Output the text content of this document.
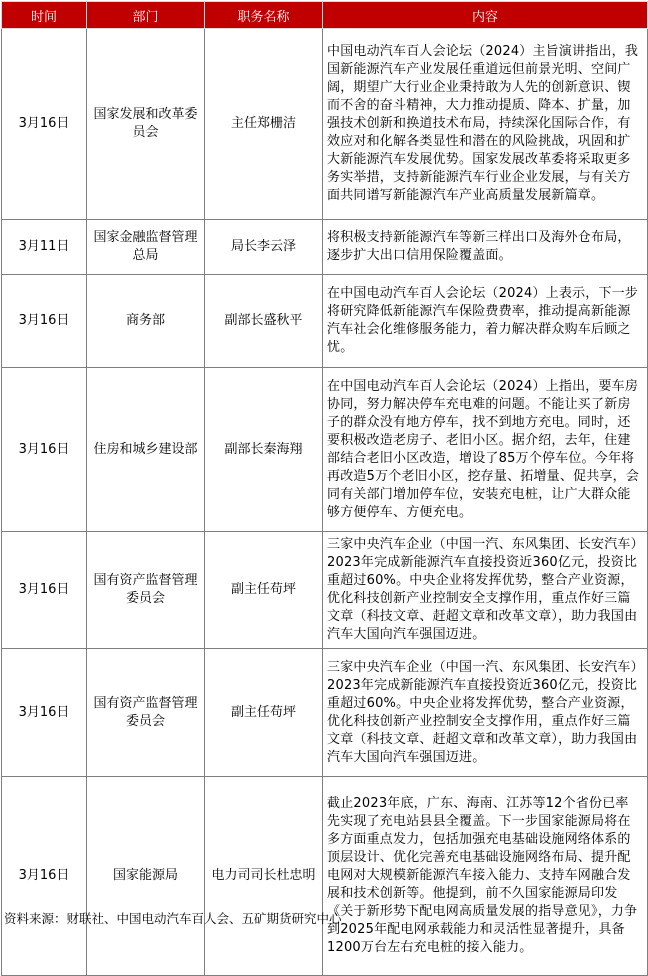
时间	部门	职务名称	内容
3月16日	国家发展和改革委员会	主任郑栅洁	中国电动汽车百人会论坛（2024）主旨演讲指出，我国新能源汽车产业发展任重道远但前景光明、空间广阔，期望广大行业企业秉持敢为人先的创新意识、锲而不舍的奋斗精神，大力推动提质、降本、扩量，加强技术创新和换道技术布局，持续深化国际合作，有效应对和化解各类显性和潜在的风险挑战，巩固和扩大新能源汽车发展优势。国家发展改革委将采取更多务实举措，支持新能源汽车行业企业发展，与有关方面共同谱写新能源汽车产业高质量发展新篇章。
3月11日	国家金融监督管理总局	局长李云泽	将积极支持新能源汽车等新三样出口及海外仓布局，逐步扩大出口信用保险覆盖面。
3月16日	商务部	副部长盛秋平	在中国电动汽车百人会论坛（2024）上表示，下一步将研究降低新能源汽车保险费费率，推动提高新能源汽车社会化维修服务能力，着力解决群众购车后顾之忧。
3月16日	住房和城乡建设部	副部长秦海翔	在中国电动汽车百人会论坛（2024）上指出，要车房协同，努力解决停车充电难的问题。不能让买了新房子的群众没有地方停车，找不到地方充电。同时，还要积极改造老房子、老旧小区。据介绍，去年，住建部结合老旧小区改造，增设了85万个停车位。今年将再改造5万个老旧小区，挖存量、拓增量、促共享，会同有关部门增加停车位，安装充电桩，让广大群众能够方便停车、方便充电。
3月16日	国有资产监督管理委员会	副主任苟坪	三家中央汽车企业（中国一汽、东风集团、长安汽车）2023年完成新能源汽车直接投资近360亿元，投资比重超过60%。中央企业将发挥优势，整合产业资源，优化科技创新产业控制安全支撑作用，重点作好三篇文章（科技文章、赶超文章和改革文章），助力我国由汽车大国向汽车强国迈进。
3月16日	国有资产监督管理委员会	副主任苟坪	三家中央汽车企业（中国一汽、东风集团、长安汽车）2023年完成新能源汽车直接投资近360亿元，投资比重超过60%。中央企业将发挥优势，整合产业资源，优化科技创新产业控制安全支撑作用，重点作好三篇文章（科技文章、赶超文章和改革文章），助力我国由汽车大国向汽车强国迈进。
3月16日	国家能源局	电力司司长杜忠明	截止2023年底，广东、海南、江苏等12个省份已率先实现了充电站县县全覆盖。下一步国家能源局将在多方面重点发力，包括加强充电基础设施网络体系的顶层设计、优化完善充电基础设施网络布局、提升配电网对大规模新能源汽车接入能力、支持车网融合发展和技术创新等。他提到，前不久国家能源局印发《关于新形势下配电网高质量发展的指导意见》，力争到2025年配电网承载能力和灵活性显著提升，具备1200万台左右充电桩的接入能力。
资料来源：财联社、中国电动汽车百人会、五矿期货研究中心
